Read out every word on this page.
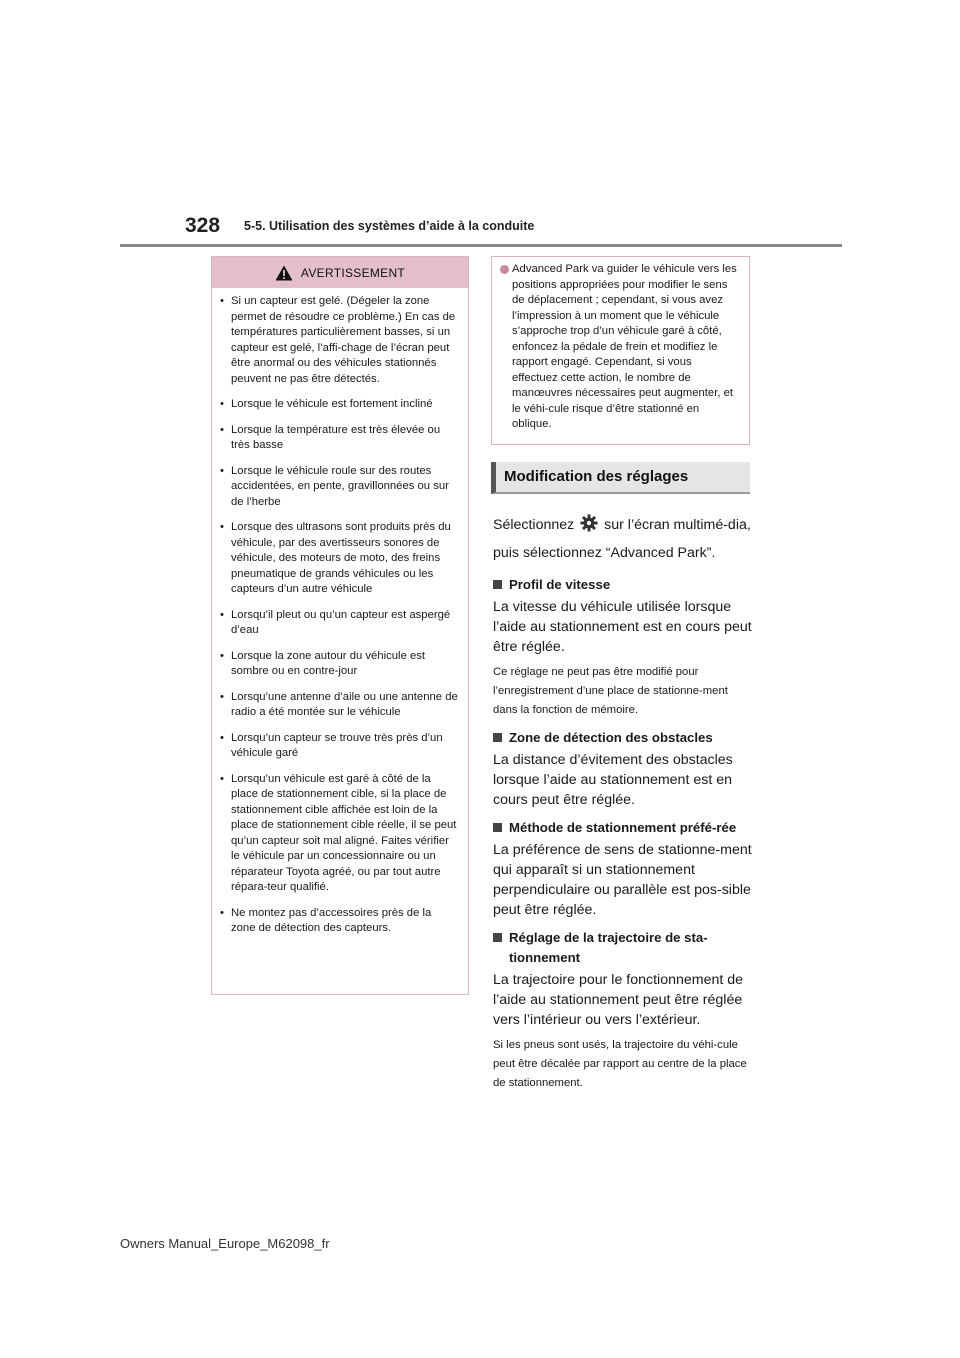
328 5-5. Utilisation des systèmes d’aide à la conduite
AVERTISSEMENT
• Si un capteur est gelé. (Dégeler la zone permet de résoudre ce problème.) En cas de températures particulièrement basses, si un capteur est gelé, l’affi-chage de l’écran peut être anormal ou des véhicules stationnés peuvent ne pas être détectés.
• Lorsque le véhicule est fortement incliné
• Lorsque la température est très élevée ou très basse
• Lorsque le véhicule roule sur des routes accidentées, en pente, gravillonnées ou sur de l’herbe
• Lorsque des ultrasons sont produits près du véhicule, par des avertisseurs sonores de véhicule, des moteurs de moto, des freins pneumatique de grands véhicules ou les capteurs d’un autre véhicule
• Lorsqu’il pleut ou qu’un capteur est aspergé d’eau
• Lorsque la zone autour du véhicule est sombre ou en contre-jour
• Lorsqu’une antenne d’aile ou une antenne de radio a été montée sur le véhicule
• Lorsqu’un capteur se trouve très près d’un véhicule garé
• Lorsqu’un véhicule est garé à côté de la place de stationnement cible, si la place de stationnement cible affichée est loin de la place de stationnement cible réelle, il se peut qu’un capteur soit mal aligné. Faites vérifier le véhicule par un concessionnaire ou un réparateur Toyota agréé, ou par tout autre répara-teur qualifié.
• Ne montez pas d’accessoires près de la zone de détection des capteurs.
Advanced Park va guider le véhicule vers les positions appropriées pour modifier le sens de déplacement ; cependant, si vous avez l’impression à un moment que le véhicule s’approche trop d’un véhicule garé à côté, enfoncez la pédale de frein et modifiez le rapport engagé. Cependant, si vous effectuez cette action, le nombre de manœuvres nécessaires peut augmenter, et le véhi-cule risque d’être stationné en oblique.
Modification des réglages

Sélectionnez sur l’écran multimé-dia, puis sélectionnez “Advanced Park”.

Profil de vitesse

La vitesse du véhicule utilisée lorsque l’aide au stationnement est en cours peut être réglée.

Ce réglage ne peut pas être modifié pour l’enregistrement d’une place de stationne-ment dans la fonction de mémoire.

Zone de détection des obstacles

La distance d’évitement des obstacles lorsque l’aide au stationnement est en cours peut être réglée.

Méthode de stationnement préfé-rée

La préférence de sens de stationne-ment qui apparaît si un stationnement perpendiculaire ou parallèle est pos-sible peut être réglée.

Réglage de la trajectoire de sta-tionnement

La trajectoire pour le fonctionnement de l’aide au stationnement peut être réglée vers l’intérieur ou vers l’extérieur.

Si les pneus sont usés, la trajectoire du véhi-cule peut être décalée par rapport au centre de la place de stationnement.

Owners Manual_Europe_M62098_fr
